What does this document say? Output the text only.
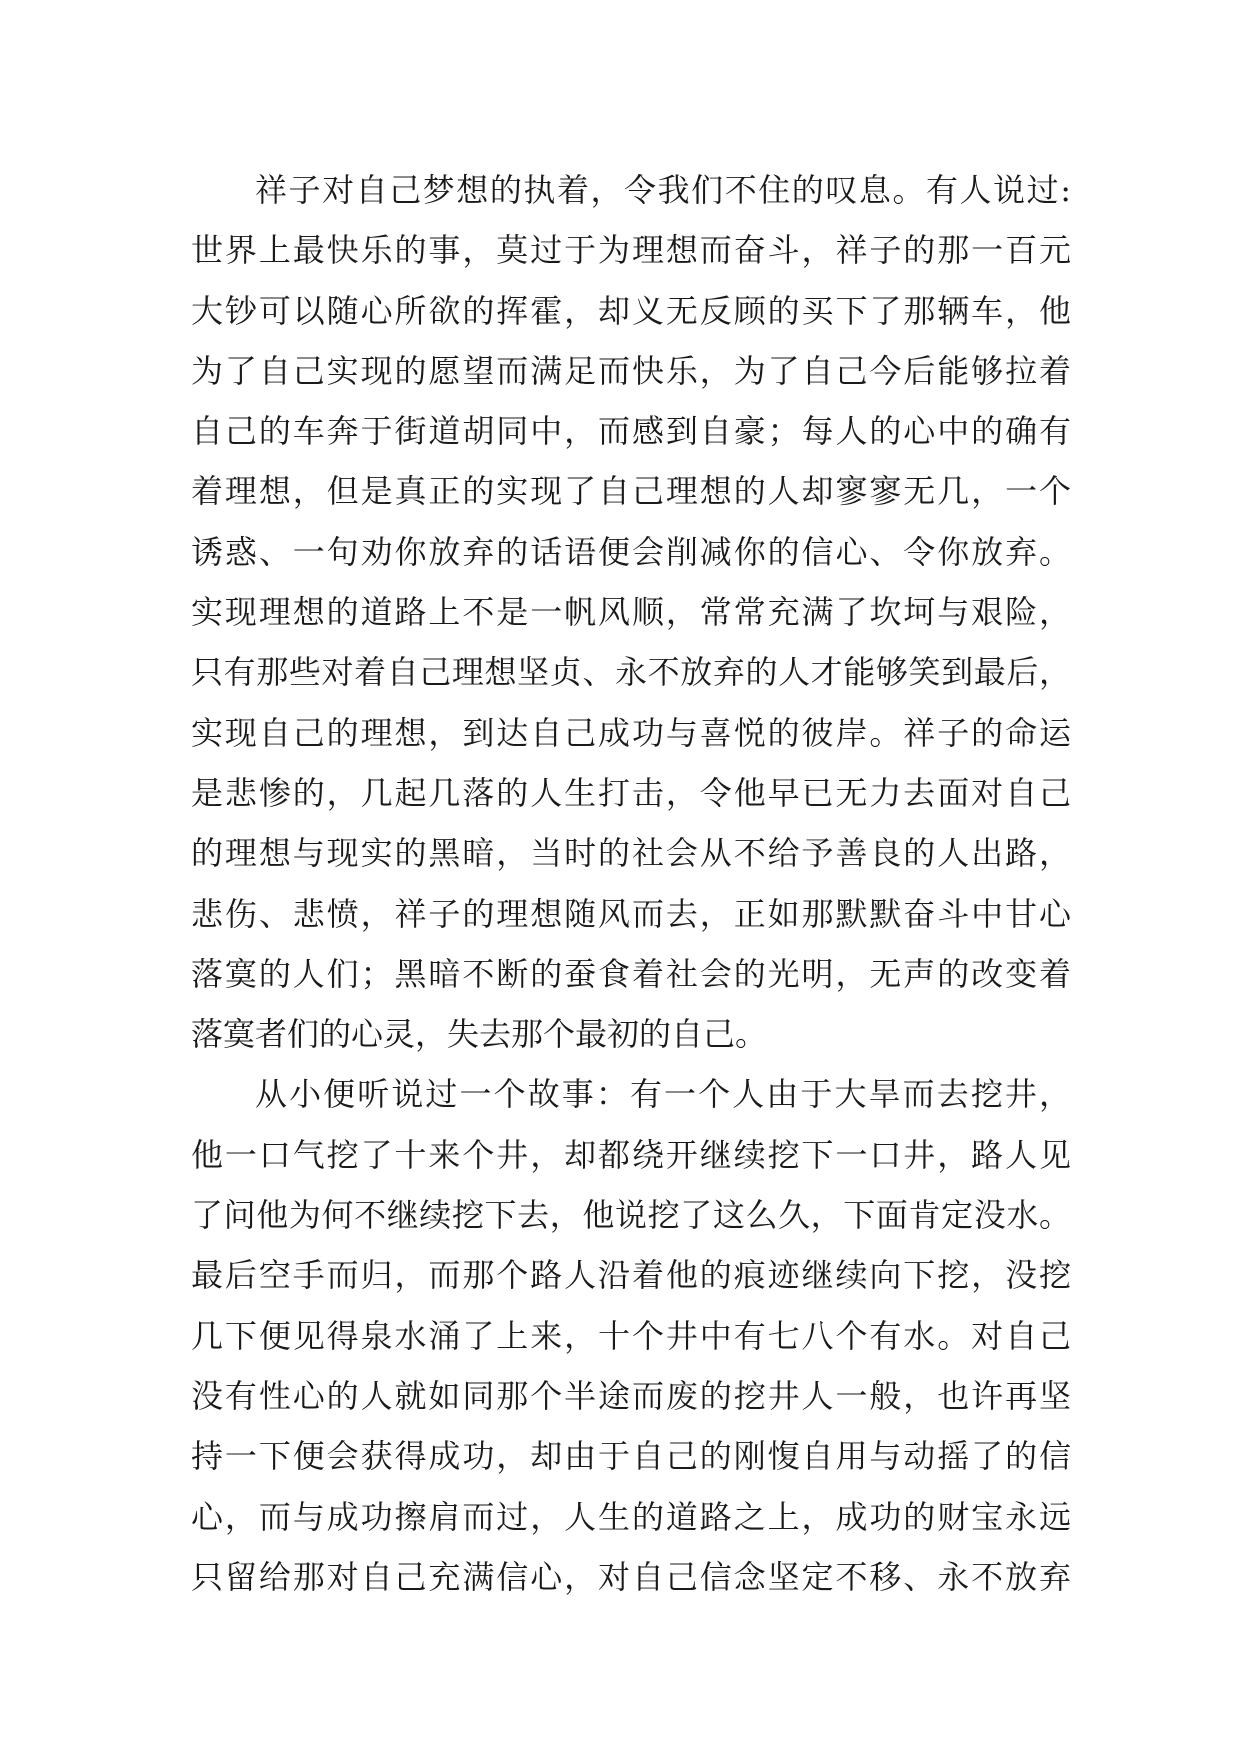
祥子对自己梦想的执着，令我们不住的叹息。有人说过:
世界上最快乐的事，莫过于为理想而奋斗，祥子的那一百元
大钞可以随心所欲的挥霍，却义无反顾的买下了那辆车，他
为了自己实现的愿望而满足而快乐，为了自己今后能够拉着
自己的车奔于街道胡同中，而感到自豪；每人的心中的确有
着理想，但是真正的实现了自己理想的人却寥寥无几，一个
诱惑、一句劝你放弃的话语便会削减你的信心、令你放弃。
实现理想的道路上不是一帆风顺，常常充满了坎坷与艰险，
只有那些对着自己理想坚贞、永不放弃的人才能够笑到最后，
实现自己的理想，到达自己成功与喜悦的彼岸。祥子的命运
是悲惨的，几起几落的人生打击，令他早已无力去面对自己
的理想与现实的黑暗，当时的社会从不给予善良的人出路，
悲伤、悲愤，祥子的理想随风而去，正如那默默奋斗中甘心
落寞的人们；黑暗不断的蚕食着社会的光明，无声的改变着
落寞者们的心灵，失去那个最初的自己。
从小便听说过一个故事：有一个人由于大旱而去挖井，
他一口气挖了十来个井，却都绕开继续挖下一口井，路人见
了问他为何不继续挖下去，他说挖了这么久，下面肯定没水。
最后空手而归，而那个路人沿着他的痕迹继续向下挖，没挖
几下便见得泉水涌了上来，十个井中有七八个有水。对自己
没有性心的人就如同那个半途而废的挖井人一般，也许再坚
持一下便会获得成功，却由于自己的刚愎自用与动摇了的信
心，而与成功擦肩而过，人生的道路之上，成功的财宝永远
只留给那对自己充满信心，对自己信念坚定不移、永不放弃
